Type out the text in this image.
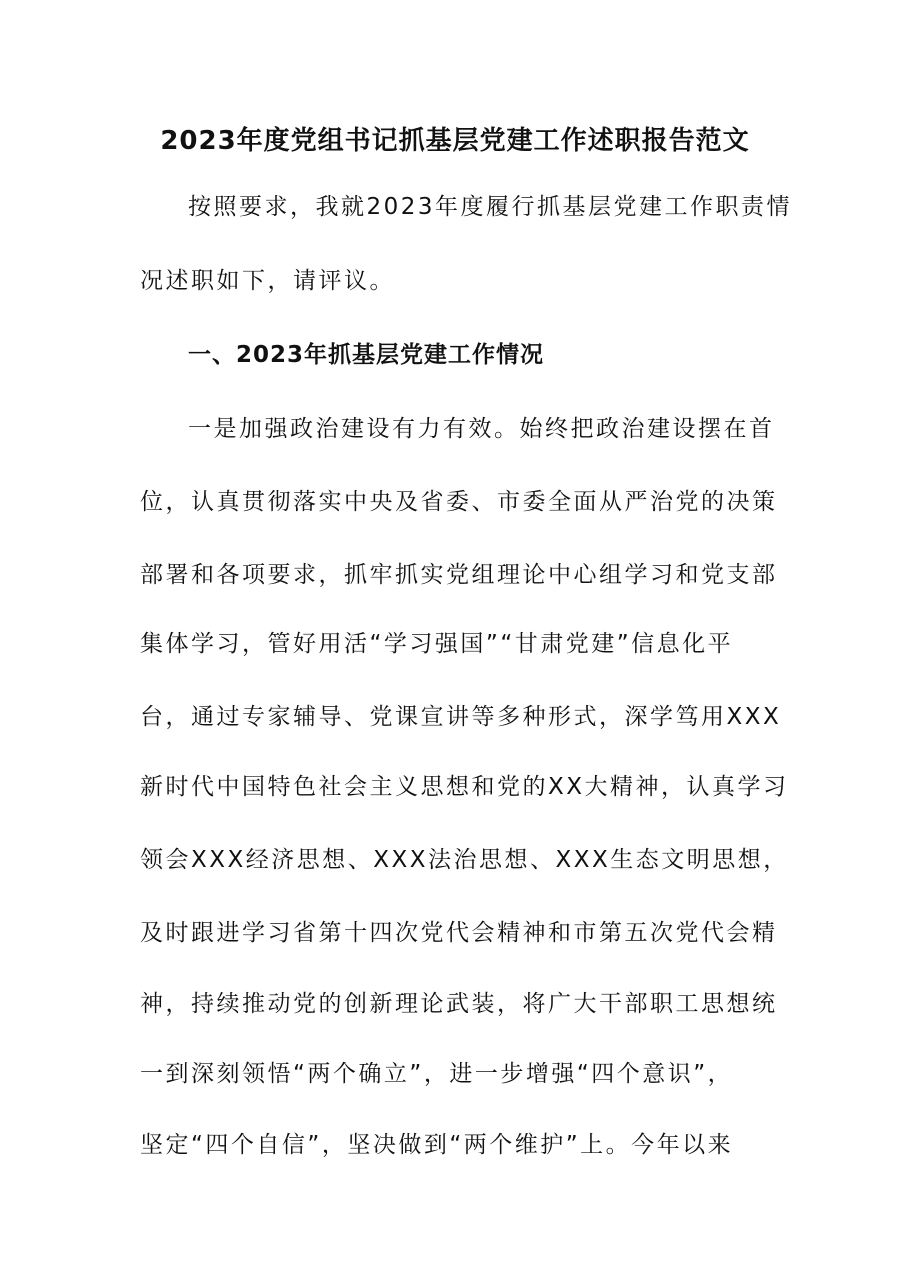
2023年度党组书记抓基层党建工作述职报告范文
按照要求，我就2023年度履行抓基层党建工作职责情
况述职如下，请评议。
一、2023年抓基层党建工作情况
一是加强政治建设有力有效。始终把政治建设摆在首
位，认真贯彻落实中央及省委、市委全面从严治党的决策
部署和各项要求，抓牢抓实党组理论中心组学习和党支部
集体学习，管好用活“学习强国”“甘肃党建”信息化平
台，通过专家辅导、党课宣讲等多种形式，深学笃用XXX
新时代中国特色社会主义思想和党的XX大精神，认真学习
领会XXX经济思想、XXX法治思想、XXX生态文明思想，
及时跟进学习省第十四次党代会精神和市第五次党代会精
神，持续推动党的创新理论武装，将广大干部职工思想统
一到深刻领悟“两个确立”，进一步增强“四个意识”，
坚定“四个自信”，坚决做到“两个维护”上。今年以来
